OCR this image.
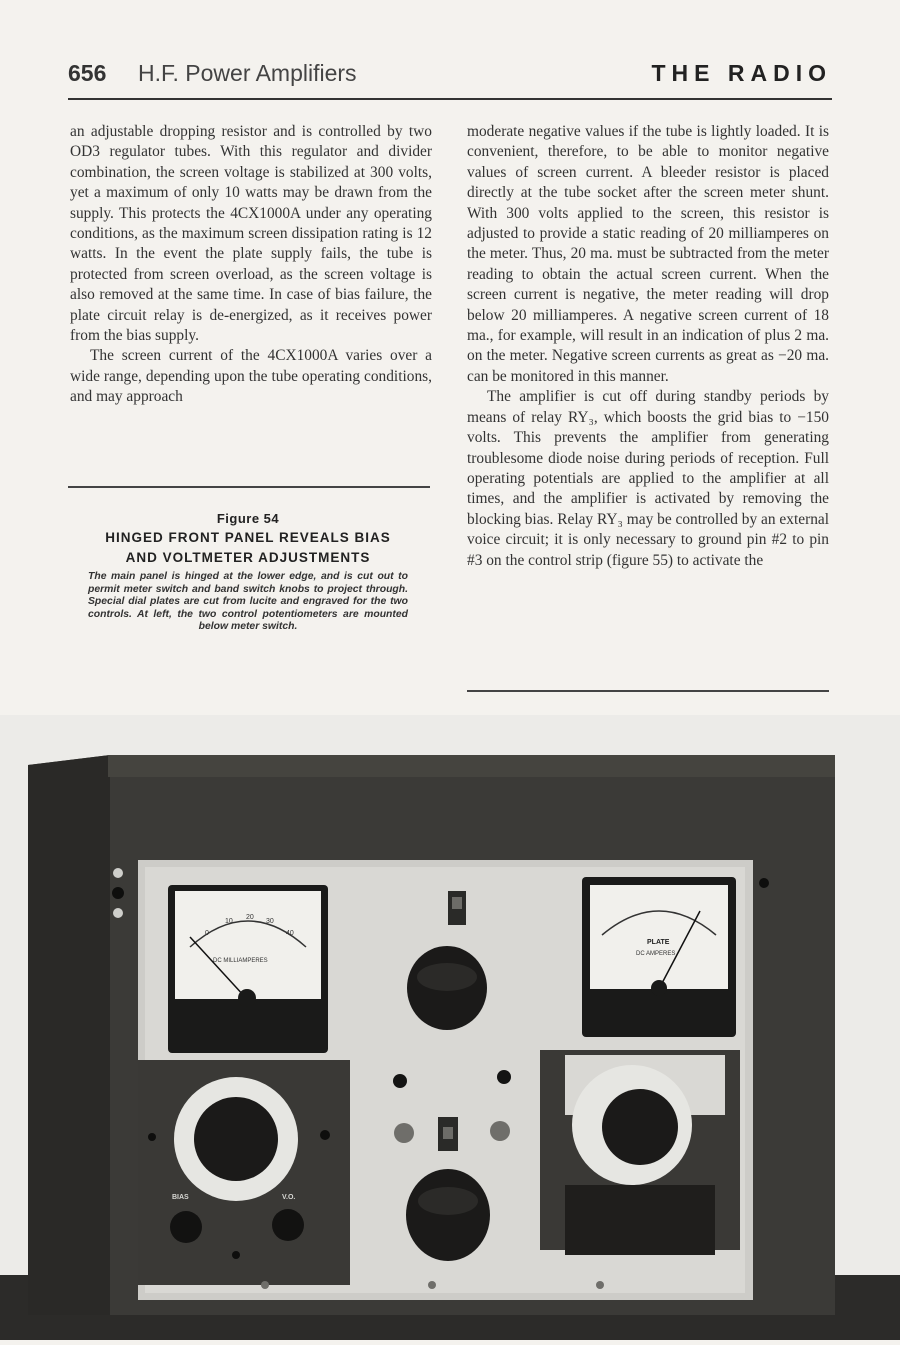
656 H.F. Power Amplifiers	THE RADIO

an adjustable dropping resistor and is controlled by two OD3 regulator tubes. With this regulator and divider combination, the screen voltage is stabilized at 300 volts, yet a maximum of only 10 watts may be drawn from the supply. This protects the 4CX1000A under any operating conditions, as the maximum screen dissipation rating is 12 watts. In the event the plate supply fails, the tube is protected from screen overload, as the screen voltage is also removed at the same time. In case of bias failure, the plate circuit relay is de-energized, as it receives power from the bias supply.

The screen current of the 4CX1000A varies over a wide range, depending upon the tube operating conditions, and may approach

Figure 54
HINGED FRONT PANEL REVEALS BIAS AND VOLTMETER ADJUSTMENTS
The main panel is hinged at the lower edge, and is cut out to permit meter switch and band switch knobs to project through. Special dial plates are cut from lucite and engraved for the two controls. At left, the two control potentiometers are mounted below meter switch.

moderate negative values if the tube is lightly loaded. It is convenient, therefore, to be able to monitor negative values of screen current. A bleeder resistor is placed directly at the tube socket after the screen meter shunt. With 300 volts applied to the screen, this resistor is adjusted to provide a static reading of 20 milliamperes on the meter. Thus, 20 ma. must be subtracted from the meter reading to obtain the actual screen current. When the screen current is negative, the meter reading will drop below 20 milliamperes. A negative screen current of 18 ma., for example, will result in an indication of plus 2 ma. on the meter. Negative screen currents as great as −20 ma. can be monitored in this manner.

The amplifier is cut off during standby periods by means of relay RY₃, which boosts the grid bias to −150 volts. This prevents the amplifier from generating troublesome diode noise during periods of reception. Full operating potentials are applied to the amplifier at all times, and the amplifier is activated by removing the blocking bias. Relay RY₃ may be controlled by an external voice circuit; it is only necessary to ground pin #2 to pin #3 on the control strip (figure 55) to activate the

0
10
20
30
40
DC MILLIAMPERES
PLATE
DC AMPERES
BIAS	V.O.
